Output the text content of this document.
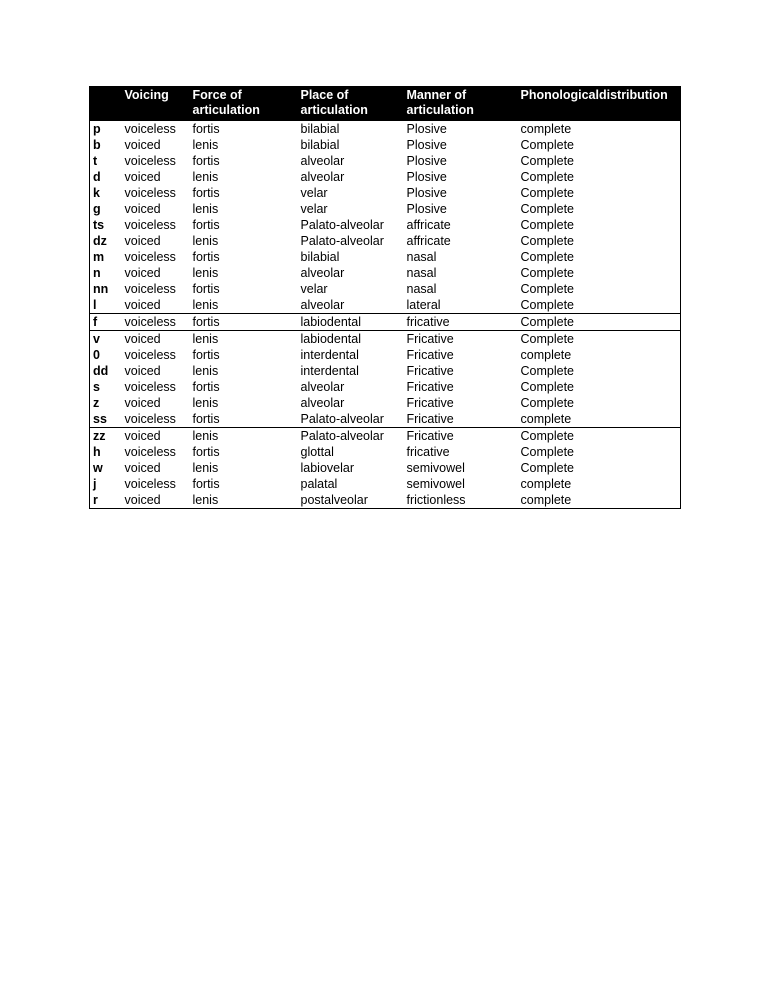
	Voicing	Force of articulation	Place of articulation	Manner of articulation	Phonologicaldistribution
p	voiceless	fortis	bilabial	Plosive	complete
b	voiced	lenis	bilabial	Plosive	Complete
t	voiceless	fortis	alveolar	Plosive	Complete
d	voiced	lenis	alveolar	Plosive	Complete
k	voiceless	fortis	velar	Plosive	Complete
g	voiced	lenis	velar	Plosive	Complete
ts	voiceless	fortis	Palato-alveolar	affricate	Complete
dz	voiced	lenis	Palato-alveolar	affricate	Complete
m	voiceless	fortis	bilabial	nasal	Complete
n	voiced	lenis	alveolar	nasal	Complete
nn	voiceless	fortis	velar	nasal	Complete
l	voiced	lenis	alveolar	lateral	Complete
f	voiceless	fortis	labiodental	fricative	Complete
v	voiced	lenis	labiodental	Fricative	Complete
0	voiceless	fortis	interdental	Fricative	complete
dd	voiced	lenis	interdental	Fricative	Complete
s	voiceless	fortis	alveolar	Fricative	Complete
z	voiced	lenis	alveolar	Fricative	Complete
ss	voiceless	fortis	Palato-alveolar	Fricative	complete
zz	voiced	lenis	Palato-alveolar	Fricative	Complete
h	voiceless	fortis	glottal	fricative	Complete
w	voiced	lenis	labiovelar	semivowel	Complete
j	voiceless	fortis	palatal	semivowel	complete
r	voiced	lenis	postalveolar	frictionless	complete
